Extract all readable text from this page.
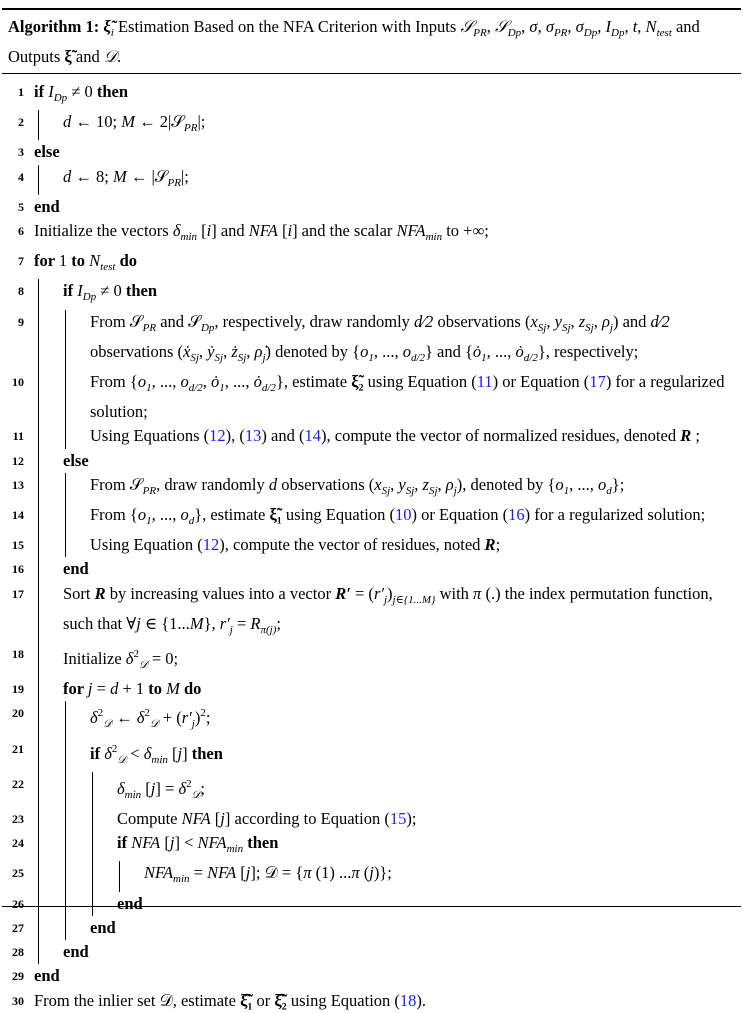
Algorithm 1: $\xĩ_i$ Estimation Based on the NFA Criterion with Inputs 𝒮$_{PR}$, 𝒮$_{Dp}$, σ, $\sigma_{PR}$, $\sigma_{Dp}$, $I_{Dp}$, t, $N_{test}$ and Outputs ξ̃ and 𝒟.
1 if $I_{Dp} \ne 0$ then
2	d ← 10; M ← 2|𝒮$_{PR}$|;
3 else
4	d ← 8; M ← |𝒮$_{PR}$|;
5 end
6 Initialize the vectors $\delta_{min}$ [i] and NFA [i] and the scalar $NFA_{min}$ to +∞;
7 for 1 to $N_{test}$ do
8	if $I_{Dp} \ne 0$ then
9	From 𝒮$_{PR}$ and 𝒮$_{Dp}$, respectively, draw randomly d⁄2 observations ($x_{Sj}$, $y_{Sj}$, $z_{Sj}$, $\rho_j$) and d⁄2 observations (ẋ$_{Sj}$, ẏ$_{Sj}$, $ż_{Sj}$, $\rhȯ_j$) denoted by {$o_1$, ..., $o_{d/2}$} and {$ȯ_1$, ..., $ȯ_{d/2}$}, respectively;
10	From {$o_1$, ..., $o_{d/2}$, $ȯ_1$, ..., $ȯ_{d/2}$}, estimate ξ̃₂ using Equation (11) or Equation (17) for a regularized solution;
11	Using Equations (12), (13) and (14), compute the vector of normalized residues, denoted R ;
12	else
13	From 𝒮$_{PR}$, draw randomly d observations ($x_{Sj}$, $y_{Sj}$, $z_{Sj}$, $\rho_j$), denoted by {$o_1$, ..., $o_d$};
14	From {$o_1$, ..., $o_d$}, estimate ξ̃₁ using Equation (10) or Equation (16) for a regularized solution;
15	Using Equation (12), compute the vector of residues, noted R;
16	end
17	Sort R by increasing values into a vector $R' = (r'_j)_{j\in\{1...M\}}$ with π (.) the index permutation function, such that ∀j ∈ {1...M}, $r'_j = R_{\pi(j)}$;
18	Initialize $\delta^2_𝒟 = 0$;
19	for j = d + 1 to M do
20	$\delta^2_𝒟$ ← $\delta^2_𝒟 + (r'_j)^2$;
21	if $\delta^2_𝒟 < \delta_{min}$ [j] then
22	$\delta_{min}$ $[j] = \delta^2_𝒟$;
23	Compute NFA [j] according to Equation (15);
24	if NFA $[j] < NFA_{min}$ then
25	$NFA_{min}$ = NFA [j]; 𝒟 = {π (1) ...π (j)};
26	end
27	end
28	end
29 end
30 From the inlier set 𝒟, estimate ξ̃̂₁ or ξ̃̂₂ using Equation (18).
